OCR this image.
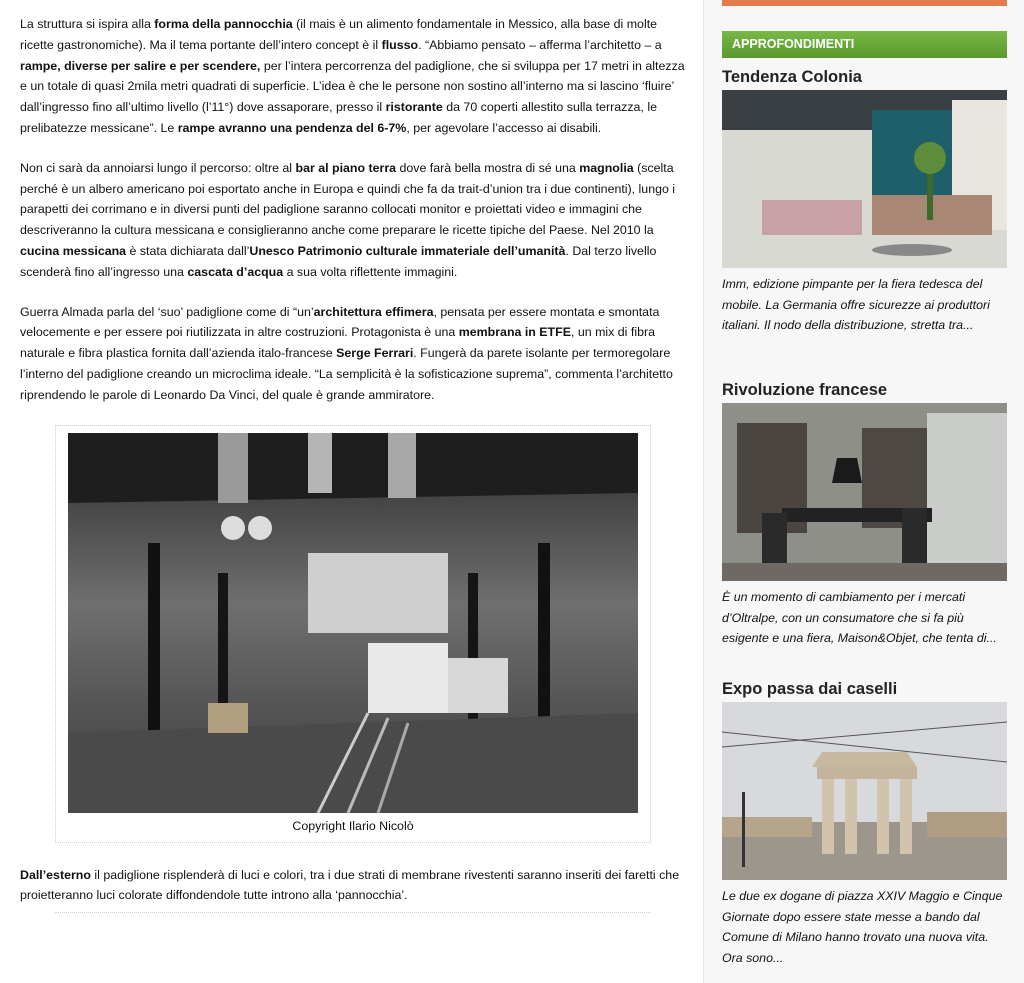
La struttura si ispira alla forma della pannocchia (il mais è un alimento fondamentale in Messico, alla base di molte ricette gastronomiche). Ma il tema portante dell’intero concept è il flusso. “Abbiamo pensato – afferma l’architetto – a rampe, diverse per salire e per scendere, per l’intera percorrenza del padiglione, che si sviluppa per 17 metri in altezza e un totale di quasi 2mila metri quadrati di superficie. L’idea è che le persone non sostino all’interno ma si lascino ‘fluire’ dall’ingresso fino all’ultimo livello (l’11°) dove assaporare, presso il ristorante da 70 coperti allestito sulla terrazza, le prelibatezze messicane”. Le rampe avranno una pendenza del 6-7%, per agevolare l’accesso ai disabili.

Non ci sarà da annoiarsi lungo il percorso: oltre al bar al piano terra dove farà bella mostra di sé una magnolia (scelta perché è un albero americano poi esportato anche in Europa e quindi che fa da trait-d’union tra i due continenti), lungo i parapetti dei corrimano e in diversi punti del padiglione saranno collocati monitor e proiettati video e immagini che descriveranno la cultura messicana e consiglieranno anche come preparare le ricette tipiche del Paese. Nel 2010 la cucina messicana è stata dichiarata dall’Unesco Patrimonio culturale immateriale dell’umanità. Dal terzo livello scenderà fino all’ingresso una cascata d’acqua a sua volta riflettente immagini.

Guerra Almada parla del ‘suo’ padiglione come di “un’architettura effimera, pensata per essere montata e smontata velocemente e per essere poi riutilizzata in altre costruzioni. Protagonista è una membrana in ETFE, un mix di fibra naturale e fibra plastica fornita dall’azienda italo-francese Serge Ferrari. Fungerà da parete isolante per termoregolare l’interno del padiglione creando un microclima ideale. “La semplicità è la sofisticazione suprema”, commenta l’architetto riprendendo le parole di Leonardo Da Vinci, del quale è grande ammiratore.

Copyright Ilario Nicolò

Dall’esterno il padiglione risplenderà di luci e colori, tra i due strati di membrane rivestenti saranno inseriti dei faretti che proietteranno luci colorate diffondendole tutte introno alla ‘pannocchia’.

APPROFONDIMENTI
Tendenza Colonia
Imm, edizione pimpante per la fiera tedesca del mobile. La Germania offre sicurezze ai produttori italiani. Il nodo della distribuzione, stretta tra...
Rivoluzione francese
È un momento di cambiamento per i mercati d’Oltralpe, con un consumatore che si fa più esigente e una fiera, Maison&Objet, che tenta di...
Expo passa dai caselli
Le due ex dogane di piazza XXIV Maggio e Cinque Giornate dopo essere state messe a bando dal Comune di Milano hanno trovato una nuova vita. Ora sono...
